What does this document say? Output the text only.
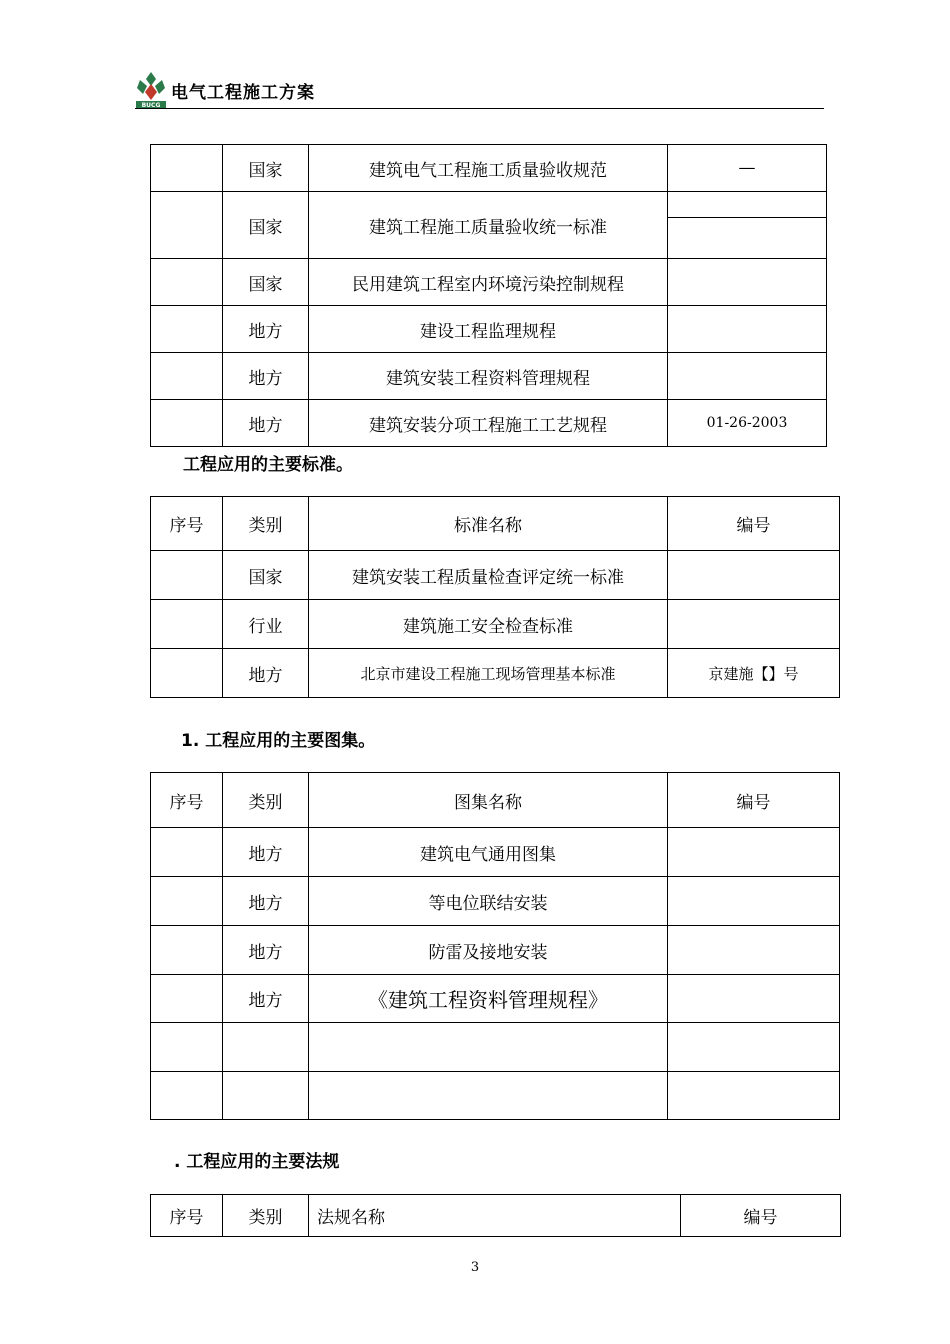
BUCG
电气工程施工方案
	国家	建筑电气工程施工质量验收规范	—
	国家	建筑工程施工质量验收统一标准	

	国家	民用建筑工程室内环境污染控制规程	
	地方	建设工程监理规程	
	地方	建筑安装工程资料管理规程	
	地方	建筑安装分项工程施工工艺规程	01-26-2003
工程应用的主要标准。
序号	类别	标准名称	编号
	国家	建筑安装工程质量检查评定统一标准	
	行业	建筑施工安全检查标准	
	地方	北京市建设工程施工现场管理基本标准	京建施【】号
1. 工程应用的主要图集。
序号	类别	图集名称	编号
	地方	建筑电气通用图集	
	地方	等电位联结安装	
	地方	防雷及接地安装	
	地方	《建筑工程资料管理规程》	

. 工程应用的主要法规
序号	类别	法规名称	编号
3
